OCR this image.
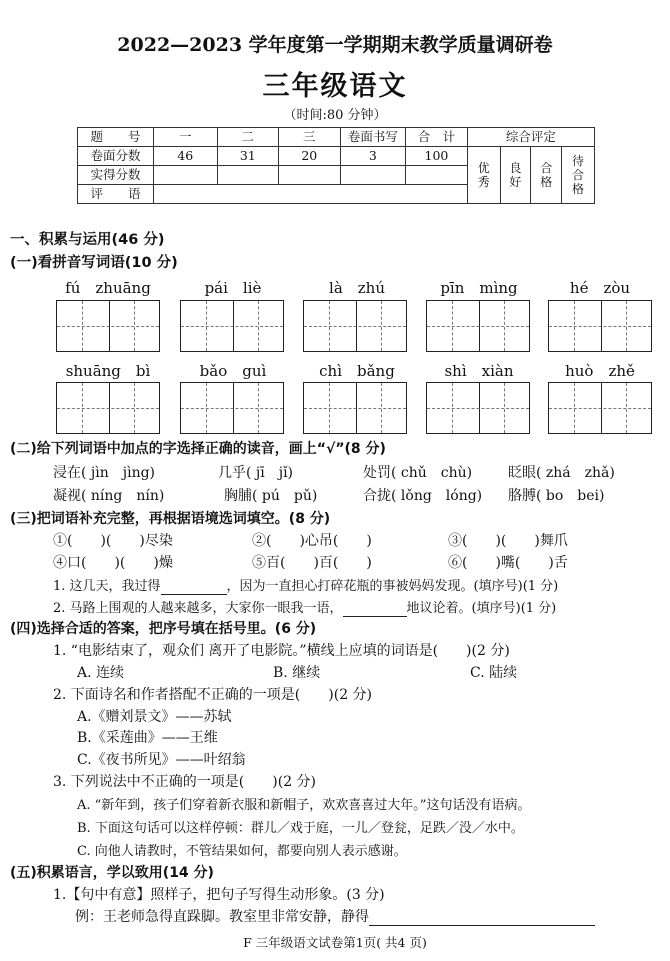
2022—2023 学年度第一学期期末教学质量调研卷
三年级语文
（时间:80 分钟）
题　　号	一	二	三	卷面书写	合　计	综合评定			
卷面分数	46	31	20	3	100	优秀	良好	合格	待合格
实得分数									
评　　语									
一、积累与运用(46 分)
(一)看拼音写词语(10 分)
fú　zhuāng	pái　liè	là　zhú	pīn　mìng	hé　zòu
shuāng　bì	bǎo　guì	chì　bǎng	shì　xiàn	huò　zhě
(二)给下列词语中加点的字选择正确的读音，画上“√”(8 分)
浸在( jìn　jìng)	几乎( jī　jǐ)	处罚( chǔ　chù)	眨眼( zhá　zhǎ)
凝视( níng　nín)	胸脯( pú　pǔ)	合拢( lǒng　lóng) 胳膊( bo　bei)
(三)把词语补充完整，再根据语境选词填空。(8 分)
①(　　)(　　)尽染	②(　　)心吊(　　)	③(　　)(　　)舞爪
④口(　　)(　　)燥	⑤百(　　)百(　　)	⑥(　　)嘴(　　)舌
1. 这几天，我过得	，因为一直担心打碎花瓶的事被妈妈发现。(填序号)(1 分)
2. 马路上围观的人越来越多，大家你一眼我一语，	地议论着。(填序号)(1 分)
(四)选择合适的答案，把序号填在括号里。(6 分)
1. “电影结束了，观众们 离开了电影院。”横线上应填的词语是(　　)(2 分)
A. 连续	B. 继续	C. 陆续
2. 下面诗名和作者搭配不正确的一项是(　　)(2 分)
A.《赠刘景文》——苏轼
B.《采莲曲》——王维
C.《夜书所见》——叶绍翁
3. 下列说法中不正确的一项是(　　)(2 分)
A. “新年到，孩子们穿着新衣服和新帽子，欢欢喜喜过大年。”这句话没有语病。
B. 下面这句话可以这样停顿：群儿／戏于庭，一儿／登瓮，足跌／没／水中。
C. 向他人请教时，不管结果如何，都要向别人表示感谢。
(五)积累语言，学以致用(14 分)
1.【句中有意】照样子，把句子写得生动形象。(3 分)
例：王老师急得直跺脚。教室里非常安静，静得
F 三年级语文试卷第1页( 共4 页)
